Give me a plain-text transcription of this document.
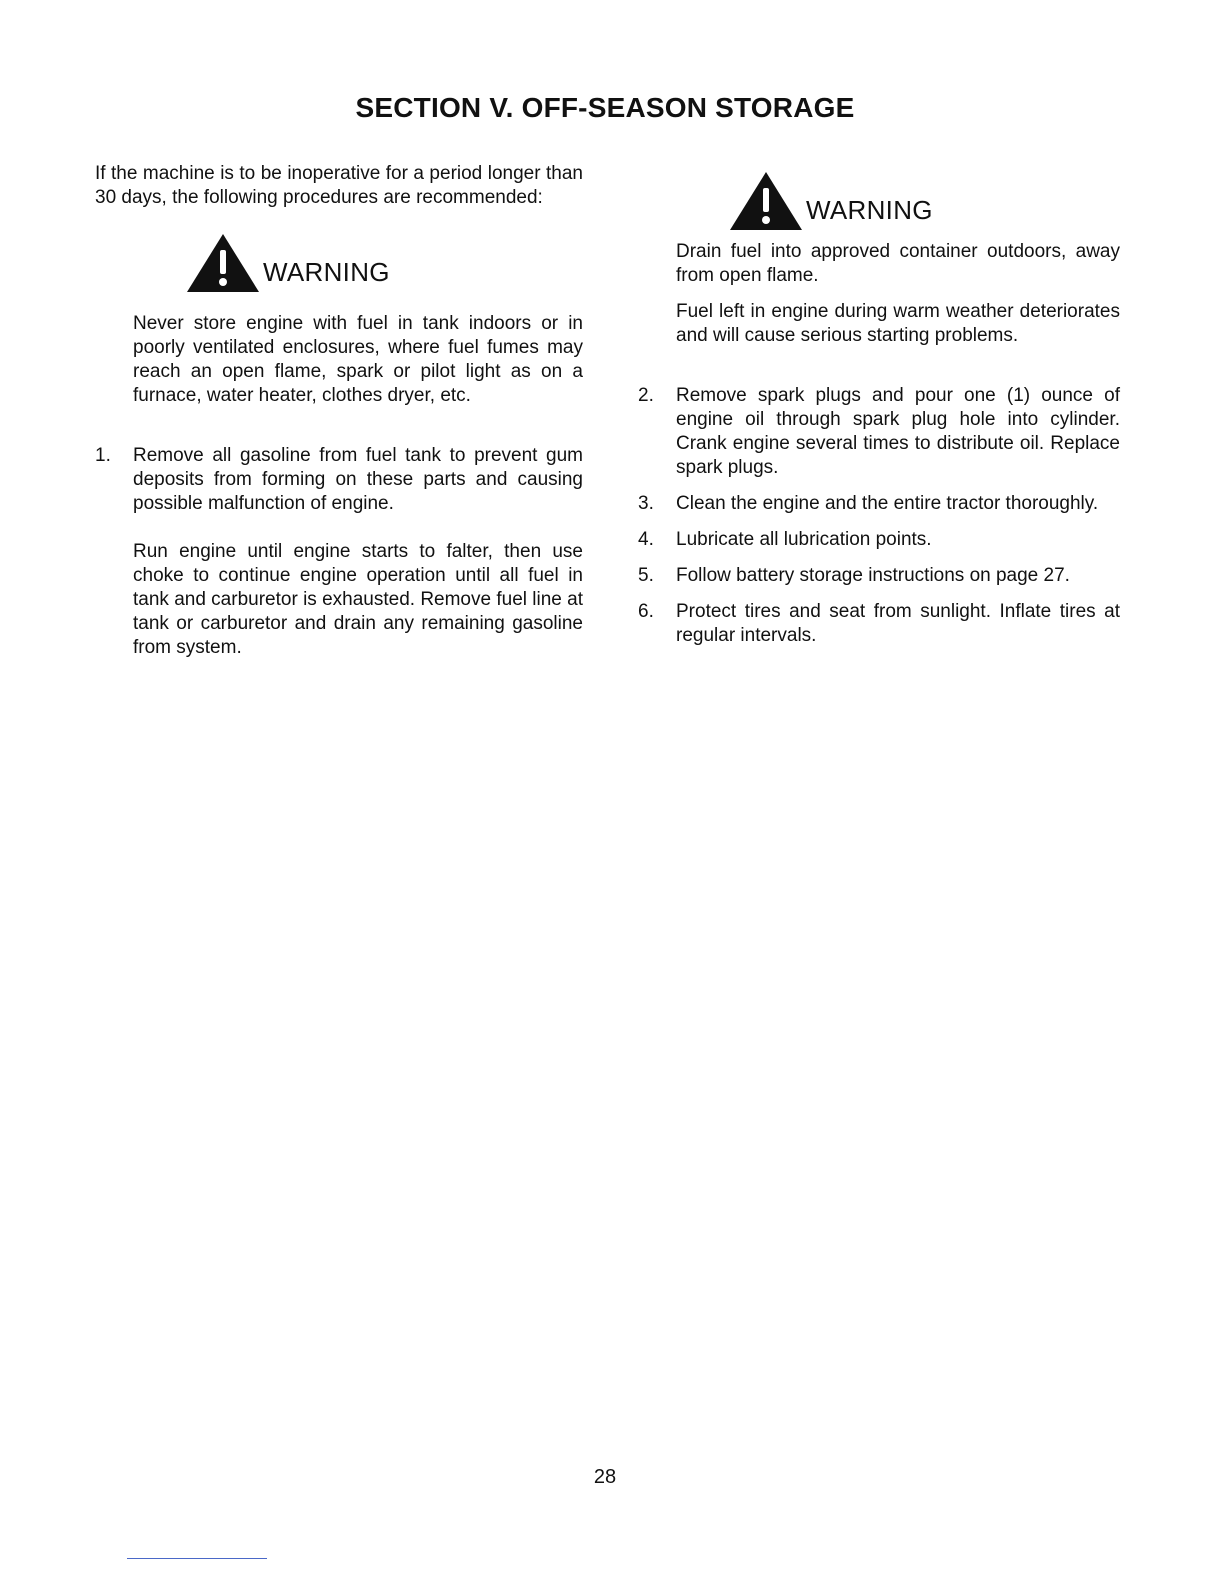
SECTION V. OFF-SEASON STORAGE

If the machine is to be inoperative for a period longer than 30 days, the following procedures are recommended:

WARNING

Never store engine with fuel in tank indoors or in poorly ventilated enclosures, where fuel fumes may reach an open flame, spark or pilot light as on a furnace, water heater, clothes dryer, etc.

1.	Remove all gasoline from fuel tank to prevent gum deposits from forming on these parts and causing possible malfunction of engine.

Run engine until engine starts to falter, then use choke to continue engine operation until all fuel in tank and carburetor is exhausted. Remove fuel line at tank or carburetor and drain any remaining gasoline from system.

WARNING

Drain fuel into approved container outdoors, away from open flame.

Fuel left in engine during warm weather deteriorates and will cause serious starting problems.

2.	Remove spark plugs and pour one (1) ounce of engine oil through spark plug hole into cylinder. Crank engine several times to distribute oil. Replace spark plugs.

3.	Clean the engine and the entire tractor thoroughly.

4.	Lubricate all lubrication points.

5.	Follow battery storage instructions on page 27.

6.	Protect tires and seat from sunlight. Inflate tires at regular intervals.

28
